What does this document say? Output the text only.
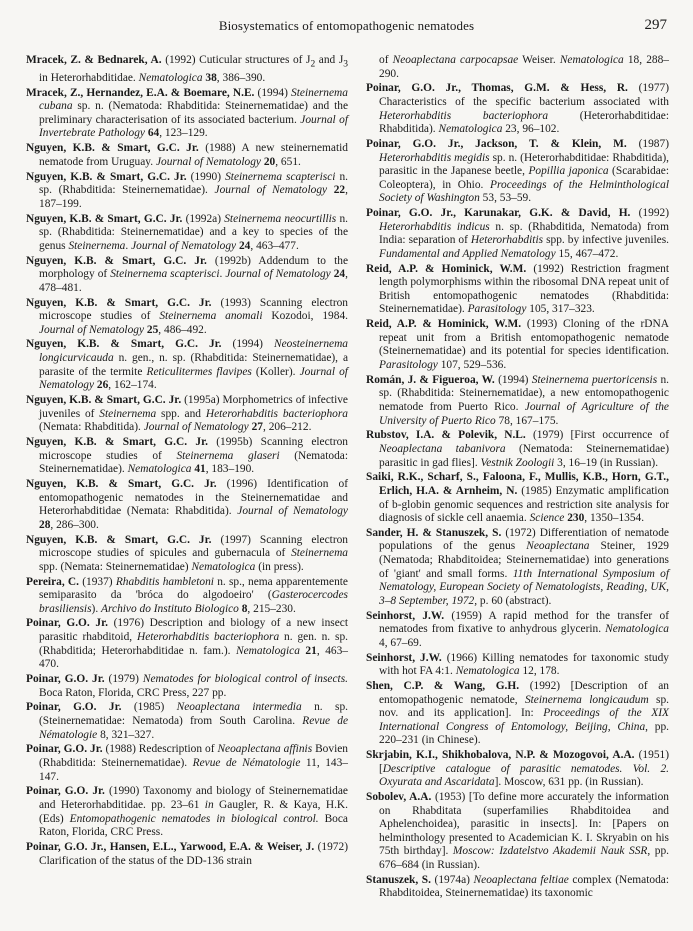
Biosystematics of entomopathogenic nematodes	297

Mracek, Z. & Bednarek, A. (1992) Cuticular structures of $J_2$ and $J_3$ in Heterorhabditidae. Nematologica 38, 386–390.

Mracek, Z., Hernandez, E.A. & Boemare, N.E. (1994) Steinernema cubana sp. n. (Nematoda: Rhabditida: Steinernematidae) and the preliminary characterisation of its associated bacterium. Journal of Invertebrate Pathology 64, 123–129.

Nguyen, K.B. & Smart, G.C. Jr. (1988) A new steinernematid nematode from Uruguay. Journal of Nematology 20, 651.

Nguyen, K.B. & Smart, G.C. Jr. (1990) Steinernema scapterisci n. sp. (Rhabditida: Steinernematidae). Journal of Nematology 22, 187–199.

Nguyen, K.B. & Smart, G.C. Jr. (1992a) Steinernema neocurtillis n. sp. (Rhabditida: Steinernematidae) and a key to species of the genus Steinernema. Journal of Nematology 24, 463–477.

Nguyen, K.B. & Smart, G.C. Jr. (1992b) Addendum to the morphology of Steinernema scapterisci. Journal of Nematology 24, 478–481.

Nguyen, K.B. & Smart, G.C. Jr. (1993) Scanning electron microscope studies of Steinernema anomali Kozodoi, 1984. Journal of Nematology 25, 486–492.

Nguyen, K.B. & Smart, G.C. Jr. (1994) Neosteinernema longicurvicauda n. gen., n. sp. (Rhabditida: Steinernematidae), a parasite of the termite Reticulitermes flavipes (Koller). Journal of Nematology 26, 162–174.

Nguyen, K.B. & Smart, G.C. Jr. (1995a) Morphometrics of infective juveniles of Steinernema spp. and Heterorhabditis bacteriophora (Nemata: Rhabditida). Journal of Nematology 27, 206–212.

Nguyen, K.B. & Smart, G.C. Jr. (1995b) Scanning electron microscope studies of Steinernema glaseri (Nematoda: Steinernematidae). Nematologica 41, 183–190.

Nguyen, K.B. & Smart, G.C. Jr. (1996) Identification of entomopathogenic nematodes in the Steinernematidae and Heterorhabditidae (Nemata: Rhabditida). Journal of Nematology 28, 286–300.

Nguyen, K.B. & Smart, G.C. Jr. (1997) Scanning electron microscope studies of spicules and gubernacula of Steinernema spp. (Nemata: Steinernematidae) Nematologica (in press).

Pereira, C. (1937) Rhabditis hambletoni n. sp., nema apparentemente semiparasito da 'bróca do algodoeiro' (Gasterocercodes brasiliensis). Archivo do Instituto Biologico 8, 215–230.

Poinar, G.O. Jr. (1976) Description and biology of a new insect parasitic rhabditoid, Heterorhabditis bacteriophora n. gen. n. sp. (Rhabditida; Heterorhabditidae n. fam.). Nematologica 21, 463–470.

Poinar, G.O. Jr. (1979) Nematodes for biological control of insects. Boca Raton, Florida, CRC Press, 227 pp.

Poinar, G.O. Jr. (1985) Neoaplectana intermedia n. sp. (Steinernematidae: Nematoda) from South Carolina. Revue de Nématologie 8, 321–327.

Poinar, G.O. Jr. (1988) Redescription of Neoaplectana affinis Bovien (Rhabditida: Steinernematidae). Revue de Nématologie 11, 143–147.

Poinar, G.O. Jr. (1990) Taxonomy and biology of Steinernematidae and Heterorhabditidae. pp. 23–61 in Gaugler, R. & Kaya, H.K. (Eds) Entomopathogenic nematodes in biological control. Boca Raton, Florida, CRC Press.

Poinar, G.O. Jr., Hansen, E.L., Yarwood, E.A. & Weiser, J. (1972) Clarification of the status of the DD-136 strain

of Neoaplectana carpocapsae Weiser. Nematologica 18, 288–290.

Poinar, G.O. Jr., Thomas, G.M. & Hess, R. (1977) Characteristics of the specific bacterium associated with Heterorhabditis bacteriophora (Heterorhabditidae: Rhabditida). Nematologica 23, 96–102.

Poinar, G.O. Jr., Jackson, T. & Klein, M. (1987) Heterorhabditis megidis sp. n. (Heterorhabditidae: Rhabditida), parasitic in the Japanese beetle, Popillia japonica (Scarabidae: Coleoptera), in Ohio. Proceedings of the Helminthological Society of Washington 53, 53–59.

Poinar, G.O. Jr., Karunakar, G.K. & David, H. (1992) Heterorhabditis indicus n. sp. (Rhabditida, Nematoda) from India: separation of Heterorhabditis spp. by infective juveniles. Fundamental and Applied Nematology 15, 467–472.

Reid, A.P. & Hominick, W.M. (1992) Restriction fragment length polymorphisms within the ribosomal DNA repeat unit of British entomopathogenic nematodes (Rhabditida: Steinernematidae). Parasitology 105, 317–323.

Reid, A.P. & Hominick, W.M. (1993) Cloning of the rDNA repeat unit from a British entomopathogenic nematode (Steinernematidae) and its potential for species identification. Parasitology 107, 529–536.

Román, J. & Figueroa, W. (1994) Steinernema puertoricensis n. sp. (Rhabditida: Steinernematidae), a new entomopathogenic nematode from Puerto Rico. Journal of Agriculture of the University of Puerto Rico 78, 167–175.

Rubstov, I.A. & Polevik, N.L. (1979) [First occurrence of Neoaplectana tabanivora (Nematoda: Steinernematidae) parasitic in gad flies]. Vestnik Zoologii 3, 16–19 (in Russian).

Saiki, R.K., Scharf, S., Faloona, F., Mullis, K.B., Horn, G.T., Erlich, H.A. & Arnheim, N. (1985) Enzymatic amplification of b-globin genomic sequences and restriction site analysis for diagnosis of sickle cell anaemia. Science 230, 1350–1354.

Sander, H. & Stanuszek, S. (1972) Differentiation of nematode populations of the genus Neoaplectana Steiner, 1929 (Nematoda; Rhabditoidea; Steinernematidae) into generations of 'giant' and small forms. 11th International Symposium of Nematology, European Society of Nematologists, Reading, UK, 3–8 September, 1972, p. 60 (abstract).

Seinhorst, J.W. (1959) A rapid method for the transfer of nematodes from fixative to anhydrous glycerin. Nematologica 4, 67–69.

Seinhorst, J.W. (1966) Killing nematodes for taxonomic study with hot FA 4:1. Nematologica 12, 178.

Shen, C.P. & Wang, G.H. (1992) [Description of an entomopathogenic nematode, Steinernema longicaudum sp. nov. and its application]. In: Proceedings of the XIX International Congress of Entomology, Beijing, China, pp. 220–231 (in Chinese).

Skrjabin, K.I., Shikhobalova, N.P. & Mozogovoi, A.A. (1951) [Descriptive catalogue of parasitic nematodes. Vol. 2. Oxyurata and Ascaridata]. Moscow, 631 pp. (in Russian).

Sobolev, A.A. (1953) [To define more accurately the information on Rhabditata (superfamilies Rhabditoidea and Aphelenchoidea), parasitic in insects]. In: [Papers on helminthology presented to Academician K. I. Skryabin on his 75th birthday]. Moscow: Izdatelstvo Akademii Nauk SSR, pp. 676–684 (in Russian).

Stanuszek, S. (1974a) Neoaplectana feltiae complex (Nematoda: Rhabditoidea, Steinernematidae) its taxonomic
